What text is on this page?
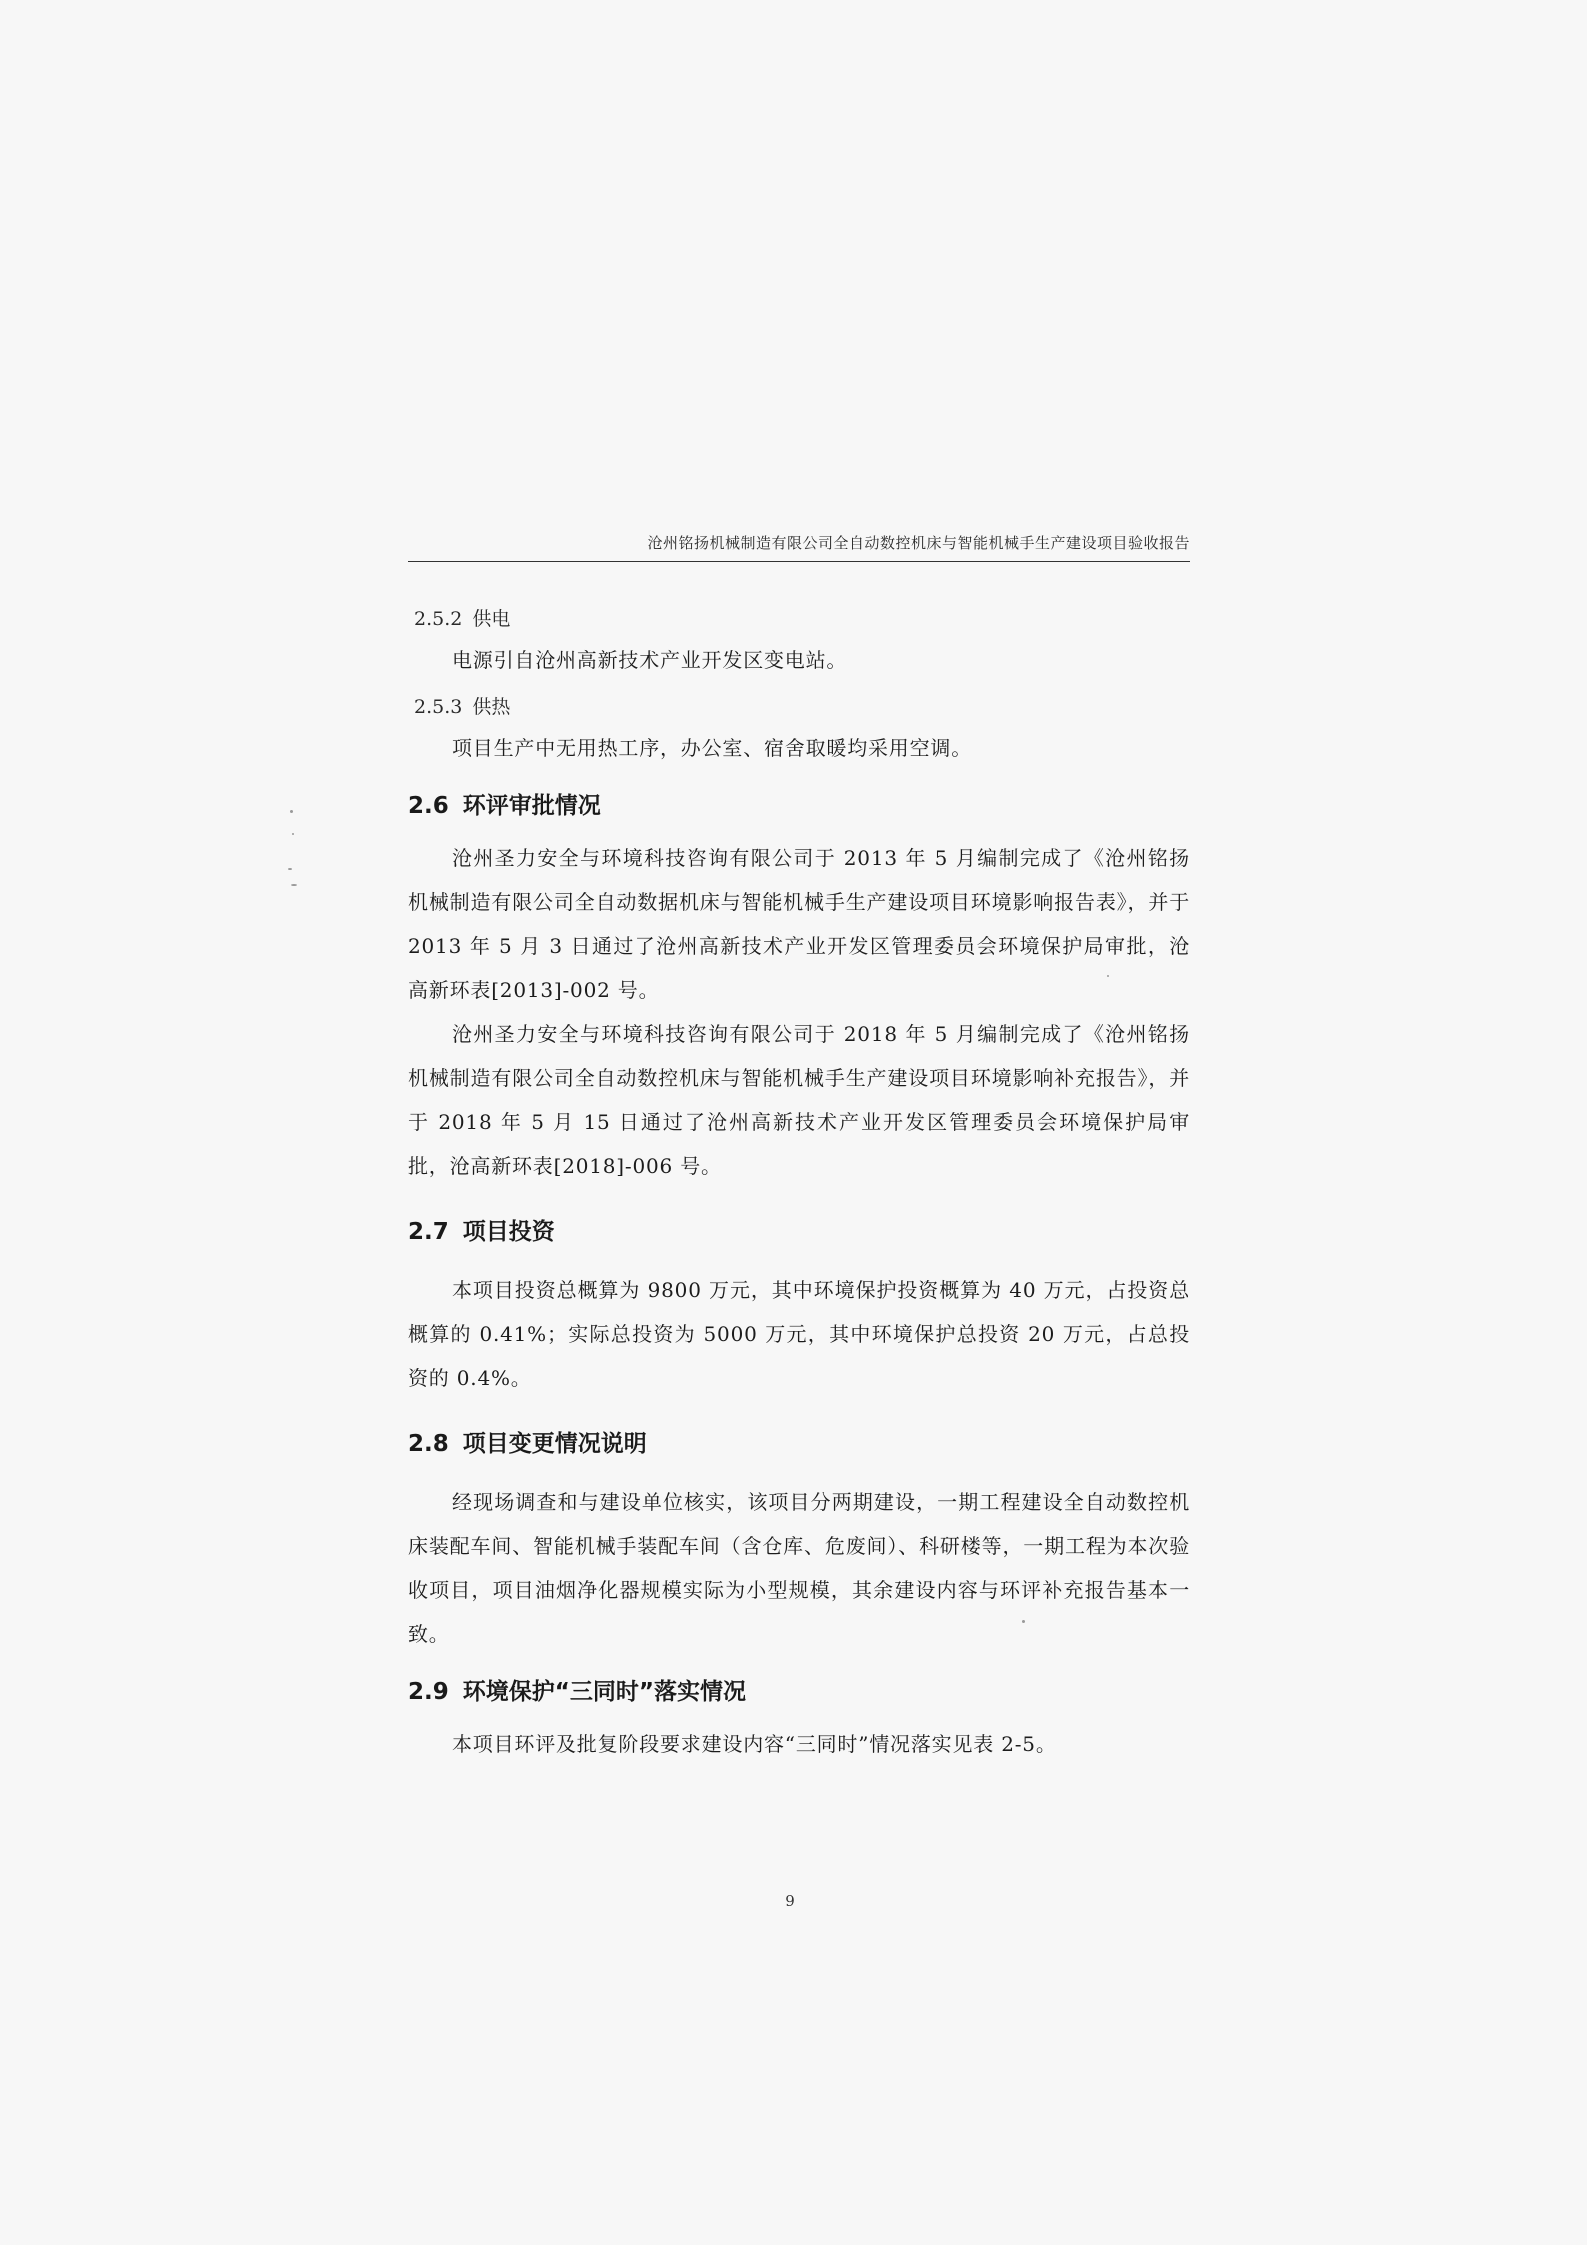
沧州铭扬机械制造有限公司全自动数控机床与智能机械手生产建设项目验收报告
2.5.2 供电

电源引自沧州高新技术产业开发区变电站。

2.5.3 供热

项目生产中无用热工序，办公室、宿舍取暖均采用空调。

2.6 环评审批情况

沧州圣力安全与环境科技咨询有限公司于 2013 年 5 月编制完成了《沧州铭扬机械制造有限公司全自动数据机床与智能机械手生产建设项目环境影响报告表》，并于 2013 年 5 月 3 日通过了沧州高新技术产业开发区管理委员会环境保护局审批，沧高新环表[2013]-002 号。

沧州圣力安全与环境科技咨询有限公司于 2018 年 5 月编制完成了《沧州铭扬机械制造有限公司全自动数控机床与智能机械手生产建设项目环境影响补充报告》，并于 2018 年 5 月 15 日通过了沧州高新技术产业开发区管理委员会环境保护局审批，沧高新环表[2018]-006 号。

2.7 项目投资

本项目投资总概算为 9800 万元，其中环境保护投资概算为 40 万元，占投资总概算的 0.41%；实际总投资为 5000 万元，其中环境保护总投资 20 万元，占总投资的 0.4%。

2.8 项目变更情况说明

经现场调查和与建设单位核实，该项目分两期建设，一期工程建设全自动数控机床装配车间、智能机械手装配车间（含仓库、危废间）、科研楼等，一期工程为本次验收项目，项目油烟净化器规模实际为小型规模，其余建设内容与环评补充报告基本一致。

2.9 环境保护“三同时”落实情况

本项目环评及批复阶段要求建设内容“三同时”情况落实见表 2-5。

9
